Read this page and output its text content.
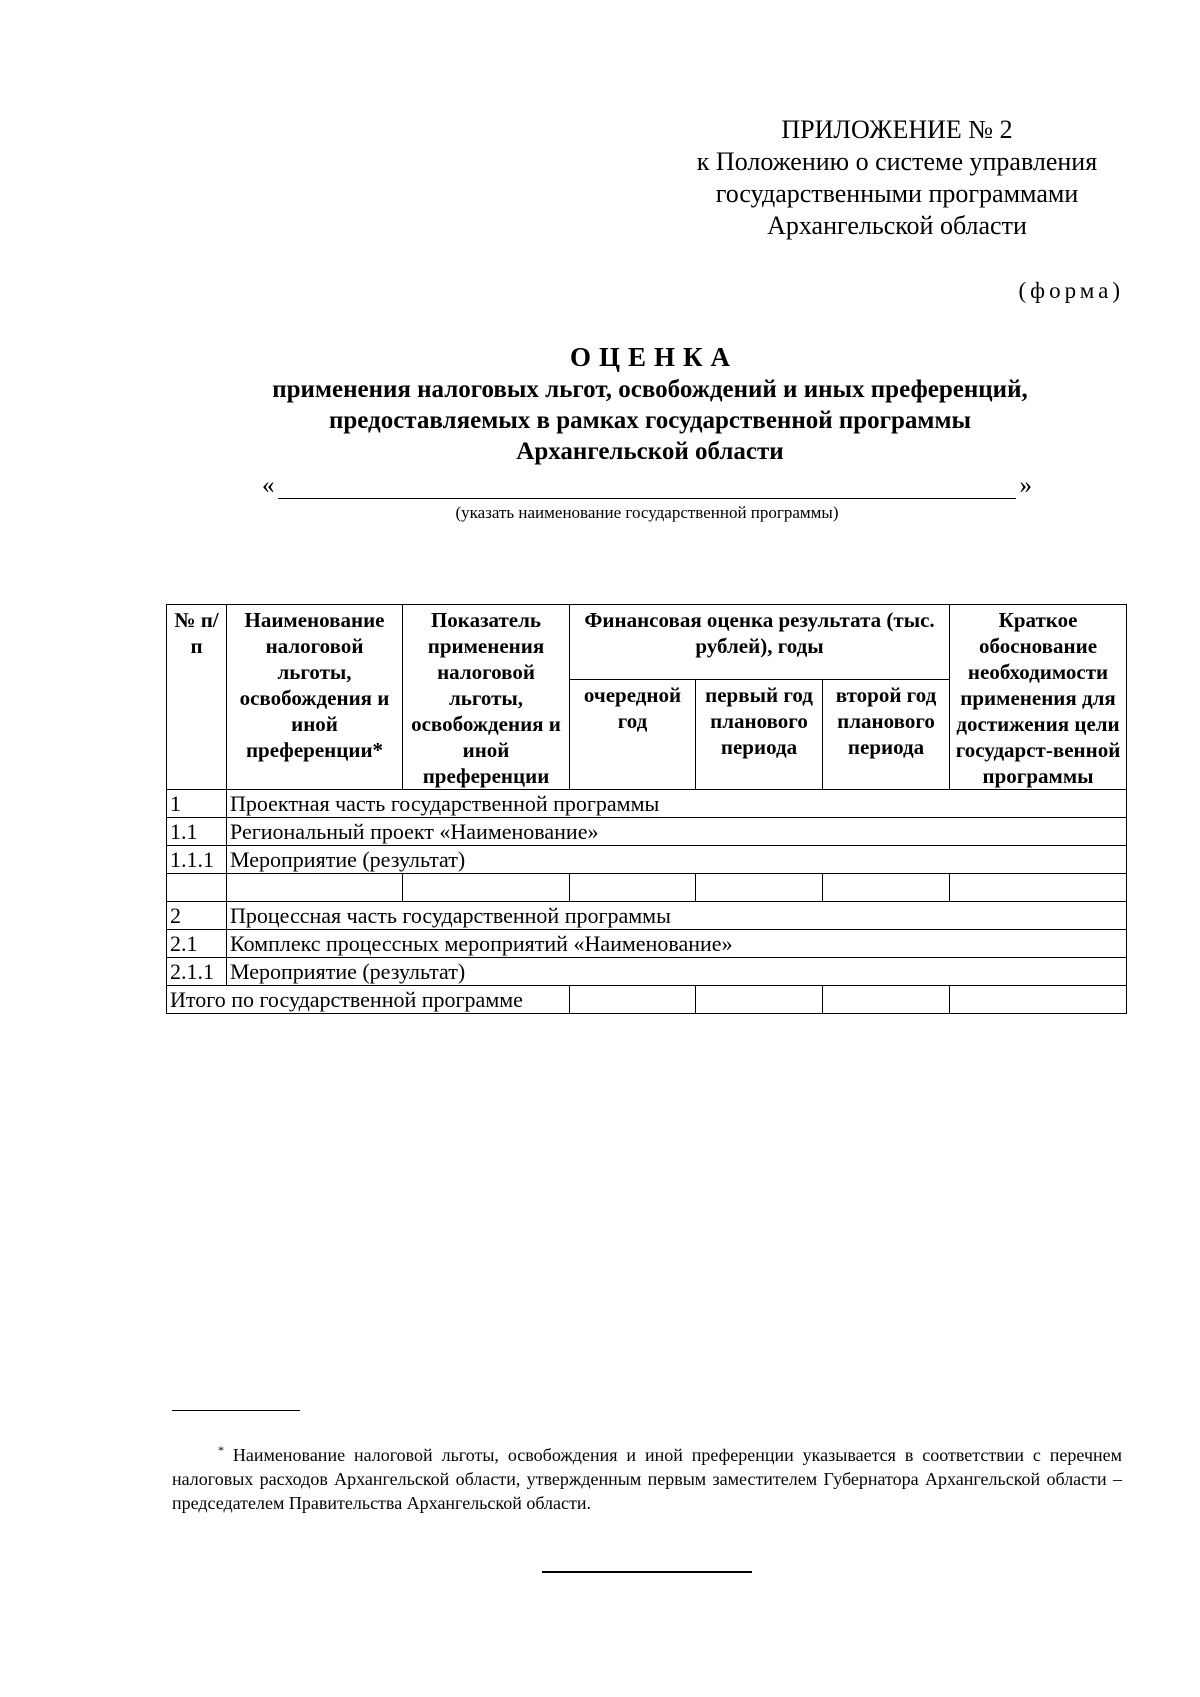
ПРИЛОЖЕНИЕ № 2
к Положению о системе управления
государственными программами
Архангельской области
(форма)
ОЦЕНКА
применения налоговых льгот, освобождений и иных преференций,
предоставляемых в рамках государственной программы
Архангельской области
«	»
(указать наименование государственной программы)
№ п/п	Наименование налоговой льготы, освобождения и иной преференции*	Показатель применения налоговой льготы, освобождения и иной преференции	Финансовая оценка результата (тыс. рублей), годы			Краткое обоснование необходимости применения для достижения цели государст-венной программы
			очередной год	первый год планового периода	второй год планового периода	
1	Проектная часть государственной программы					
1.1	Региональный проект «Наименование»					
1.1.1	Мероприятие (результат)					

2	Процессная часть государственной программы					
2.1	Комплекс процессных мероприятий «Наименование»					
2.1.1	Мероприятие (результат)					
Итого по государственной программе						
* Наименование налоговой льготы, освобождения и иной преференции указывается в соответствии с перечнем налоговых расходов Архангельской области, утвержденным первым заместителем Губернатора Архангельской области – председателем Правительства Архангельской области.
